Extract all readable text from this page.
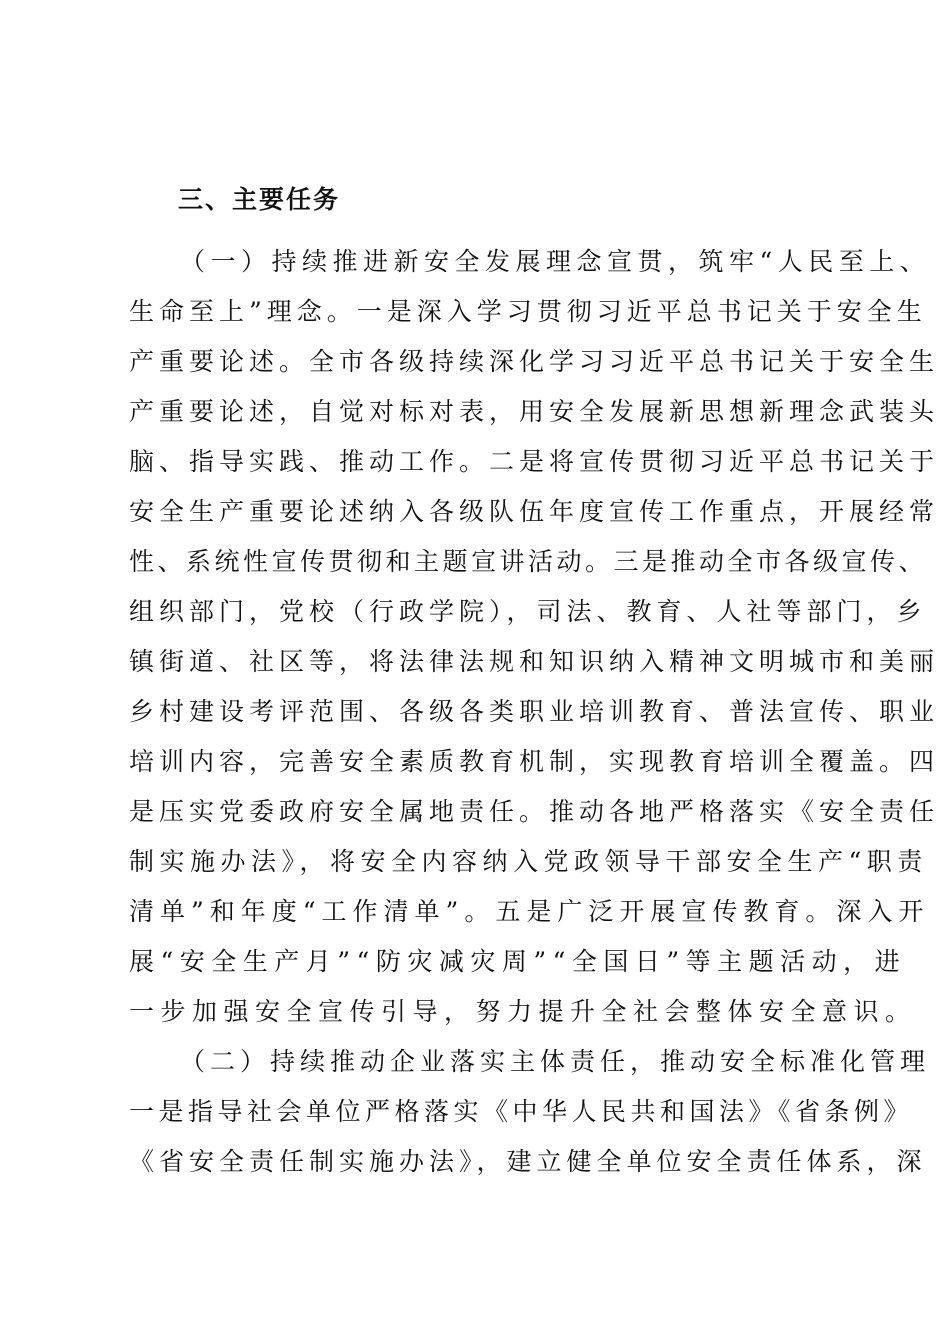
三、主要任务
（一）持续推进新安全发展理念宣贯，筑牢“人民至上、
生命至上”理念。一是深入学习贯彻习近平总书记关于安全生
产重要论述。全市各级持续深化学习习近平总书记关于安全生
产重要论述，自觉对标对表，用安全发展新思想新理念武装头
脑、指导实践、推动工作。二是将宣传贯彻习近平总书记关于
安全生产重要论述纳入各级队伍年度宣传工作重点，开展经常
性、系统性宣传贯彻和主题宣讲活动。三是推动全市各级宣传、
组织部门，党校（行政学院），司法、教育、人社等部门，乡
镇街道、社区等，将法律法规和知识纳入精神文明城市和美丽
乡村建设考评范围、各级各类职业培训教育、普法宣传、职业
培训内容，完善安全素质教育机制，实现教育培训全覆盖。四
是压实党委政府安全属地责任。推动各地严格落实《安全责任
制实施办法》，将安全内容纳入党政领导干部安全生产“职责
清单”和年度“工作清单”。五是广泛开展宣传教育。深入开
展“安全生产月”“防灾减灾周”“全国日”等主题活动，进
一步加强安全宣传引导，努力提升全社会整体安全意识。
（二）持续推动企业落实主体责任，推动安全标准化管理
一是指导社会单位严格落实《中华人民共和国法》《省条例》
《省安全责任制实施办法》，建立健全单位安全责任体系，深
